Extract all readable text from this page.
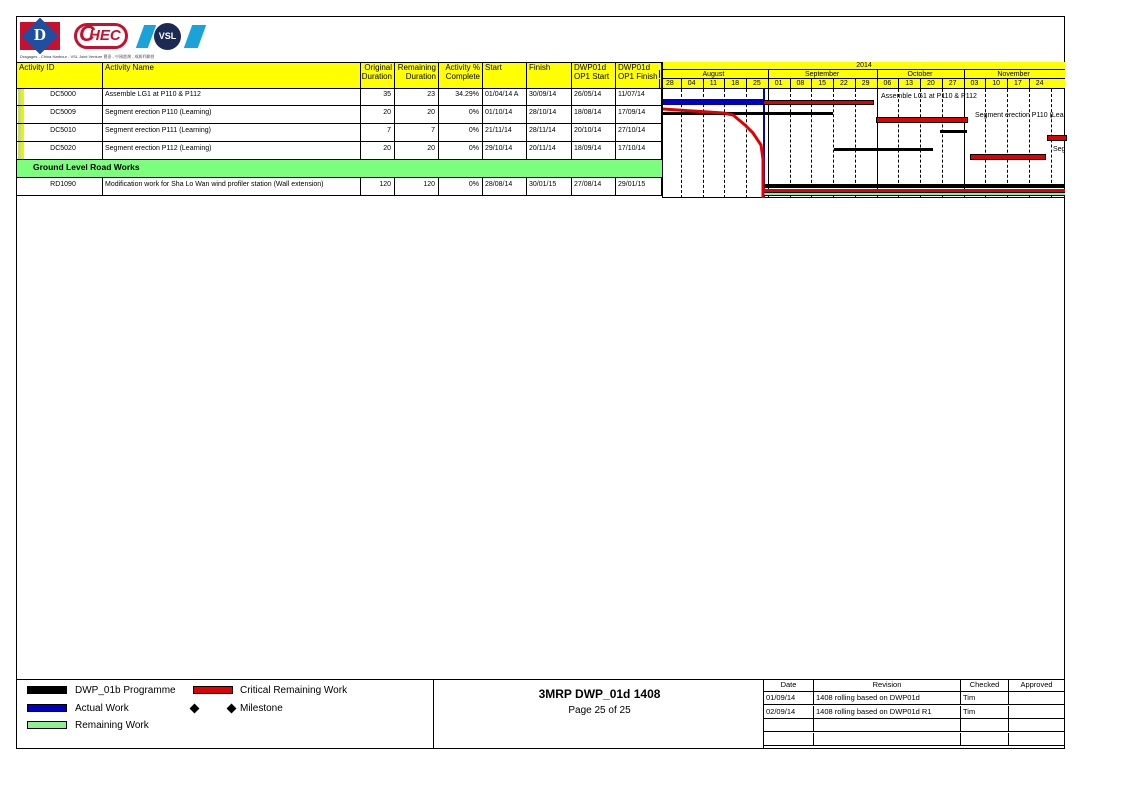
D	C
HEC	VSL
Dragages - China Harbour - VSL Joint Venture 寶嘉 - 中國港灣 - 威勝利聯營
Activity ID	Activity Name	Original
Duration
Remaining
Duration
Activity %
Complete
Start	Finish	DWP01d
OP1 Start
DWP01d
OP1 Finish
DC5000	Assemble LG1 at P110 & P112	35	23	34.29% 01/04/14 A	30/09/14	26/05/14	11/07/14
DC5009	Segment erection P110 (Learning)	20	20	0% 01/10/14	28/10/14	18/08/14	17/09/14
DC5010	Segment erection P111 (Learning)	7	7	0% 21/11/14	28/11/14	20/10/14	27/10/14
DC5020	Segment erection P112 (Learning)	20	20	0% 29/10/14	20/11/14	18/09/14	17/10/14
Ground Level Road Works
RD1090	Modification work for Sha Lo Wan wind profiler station (Wall extension)	120	120	0% 28/08/14	30/01/15	27/08/14	29/01/15
2014
August	September	October	November
28	04	11	18	25	01	08	15	22	29	06	13	20	27	03	10	17	24
Assemble LG1 at P110 & P112
Segment erection P110 (Lea
Seg
DWP_01b Programme	Critical Remaining Work
Actual Work	Milestone
Remaining Work
3MRP DWP_01d 1408
Page 25 of 25
Date	Revision	Checked	Approved
01/09/14	1408 rolling based on DWP01d	Tim
02/09/14	1408 rolling based on DWP01d R1	Tim
